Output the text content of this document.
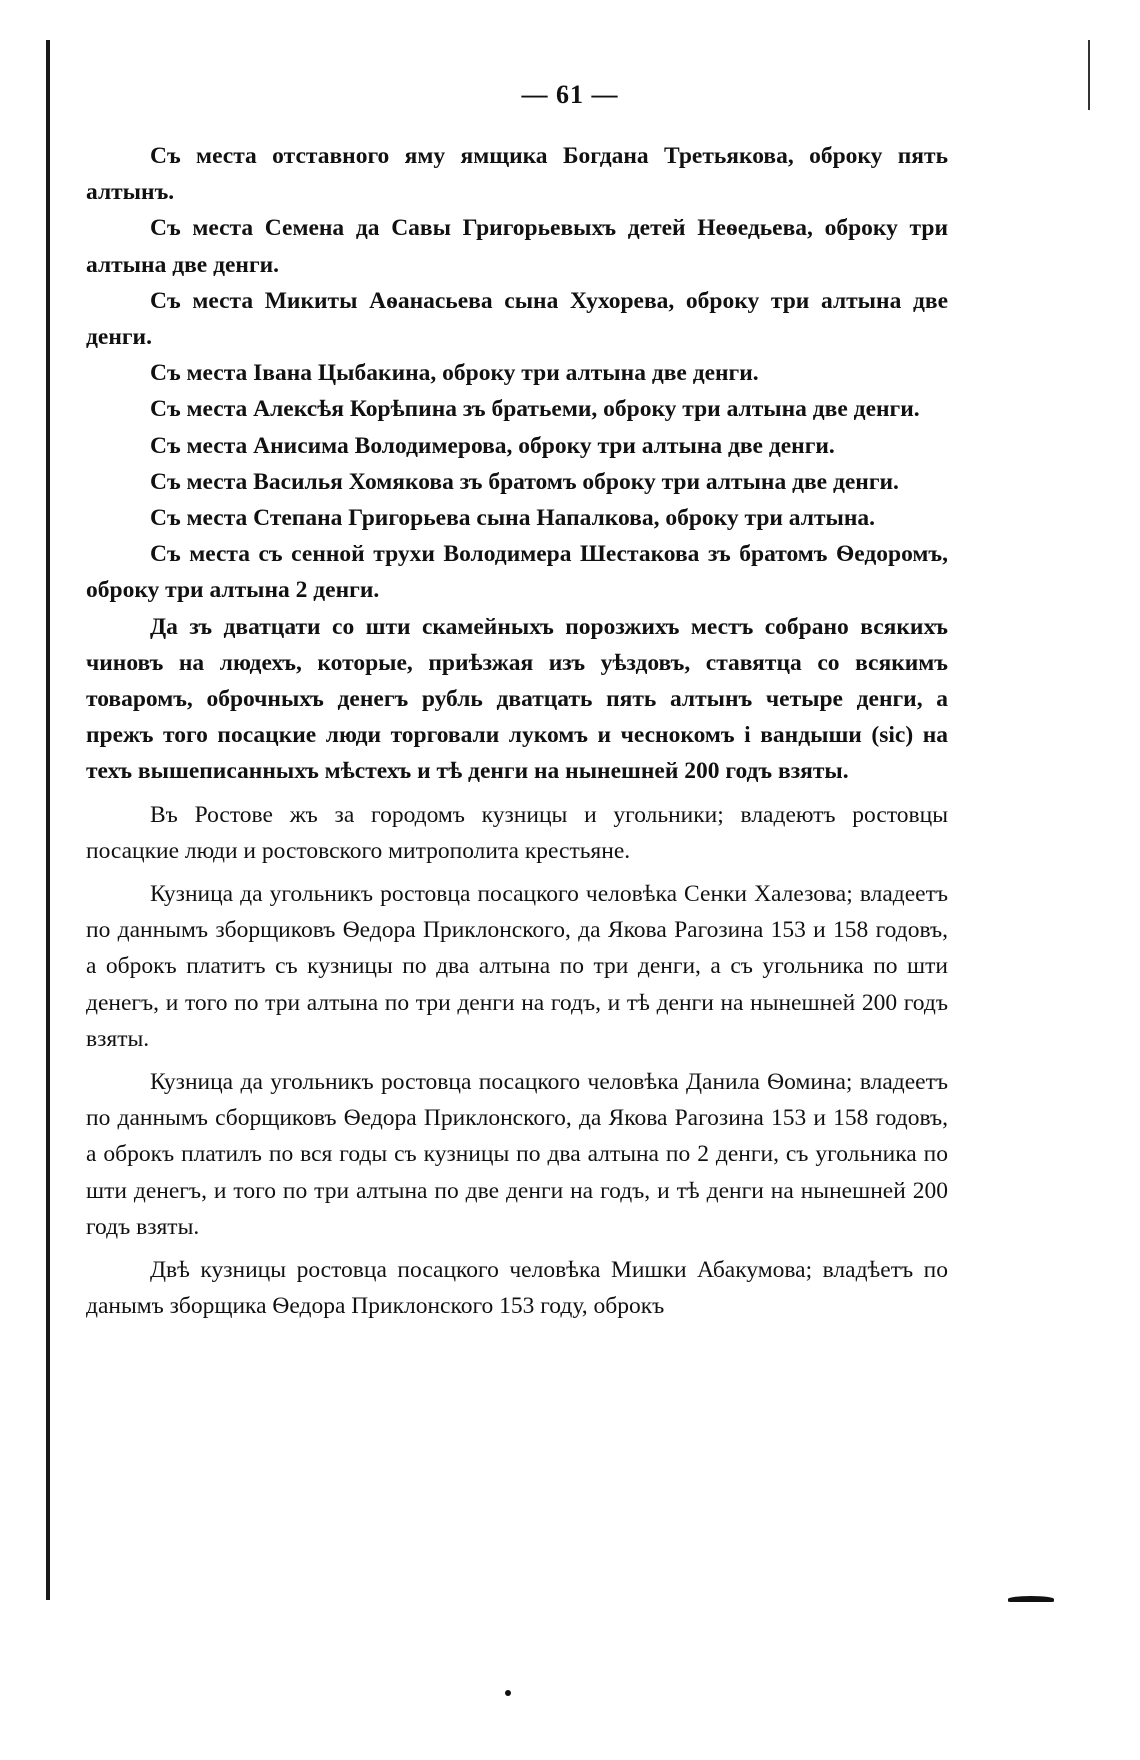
— 61 —

Съ места отставного яму ямщика Богдана Третьякова, оброку пять алтынъ.

Съ места Семена да Савы Григорьевыхъ детей Неѳедьева, оброку три алтына две денги.

Съ места Микиты Аѳанасьева сына Хухорева, оброку три алтына две денги.

Съ места Івана Цыбакина, оброку три алтына две денги.

Съ места Алексѣя Корѣпина зъ братьеми, оброку три алтына две денги.

Съ места Анисима Володимерова, оброку три алтына две денги.

Съ места Василья Хомякова зъ братомъ оброку три алтына две денги.

Съ места Степана Григорьева сына Напалкова, оброку три алтына.

Съ места съ сенной трухи Володимера Шестакова зъ братомъ Ѳедоромъ, оброку три алтына 2 денги.

Да зъ дватцати со шти скамейныхъ порозжихъ местъ собрано всякихъ чиновъ на людехъ, которые, приѣзжая изъ уѣздовъ, ставятца со всякимъ товаромъ, оброчныхъ денегъ рубль дватцать пять алтынъ четыре денги, а прежъ того посацкие люди торговали лукомъ и чеснокомъ і вандыши (sic) на техъ вышеписанныхъ мѣстехъ и тѣ денги на нынешней 200 годъ взяты.

Въ Ростове жъ за городомъ кузницы и угольники; владеютъ ростовцы посацкие люди и ростовского митрополита крестьяне.

Кузница да угольникъ ростовца посацкого человѣка Сенки Халезова; владеетъ по даннымъ зборщиковъ Ѳедора Приклонского, да Якова Рагозина 153 и 158 годовъ, а оброкъ платитъ съ кузницы по два алтына по три денги, а съ угольника по шти денегъ, и того по три алтына по три денги на годъ, и тѣ денги на нынешней 200 годъ взяты.

Кузница да угольникъ ростовца посацкого человѣка Данила Ѳомина; владеетъ по даннымъ сборщиковъ Ѳедора Приклонского, да Якова Рагозина 153 и 158 годовъ, а оброкъ платилъ по вся годы съ кузницы по два алтына по 2 денги, съ угольника по шти денегъ, и того по три алтына по две денги на годъ, и тѣ денги на нынешней 200 годъ взяты.

Двѣ кузницы ростовца посацкого человѣка Мишки Абакумова; владѣетъ по данымъ зборщика Ѳедора Приклонского 153 году, оброкъ
